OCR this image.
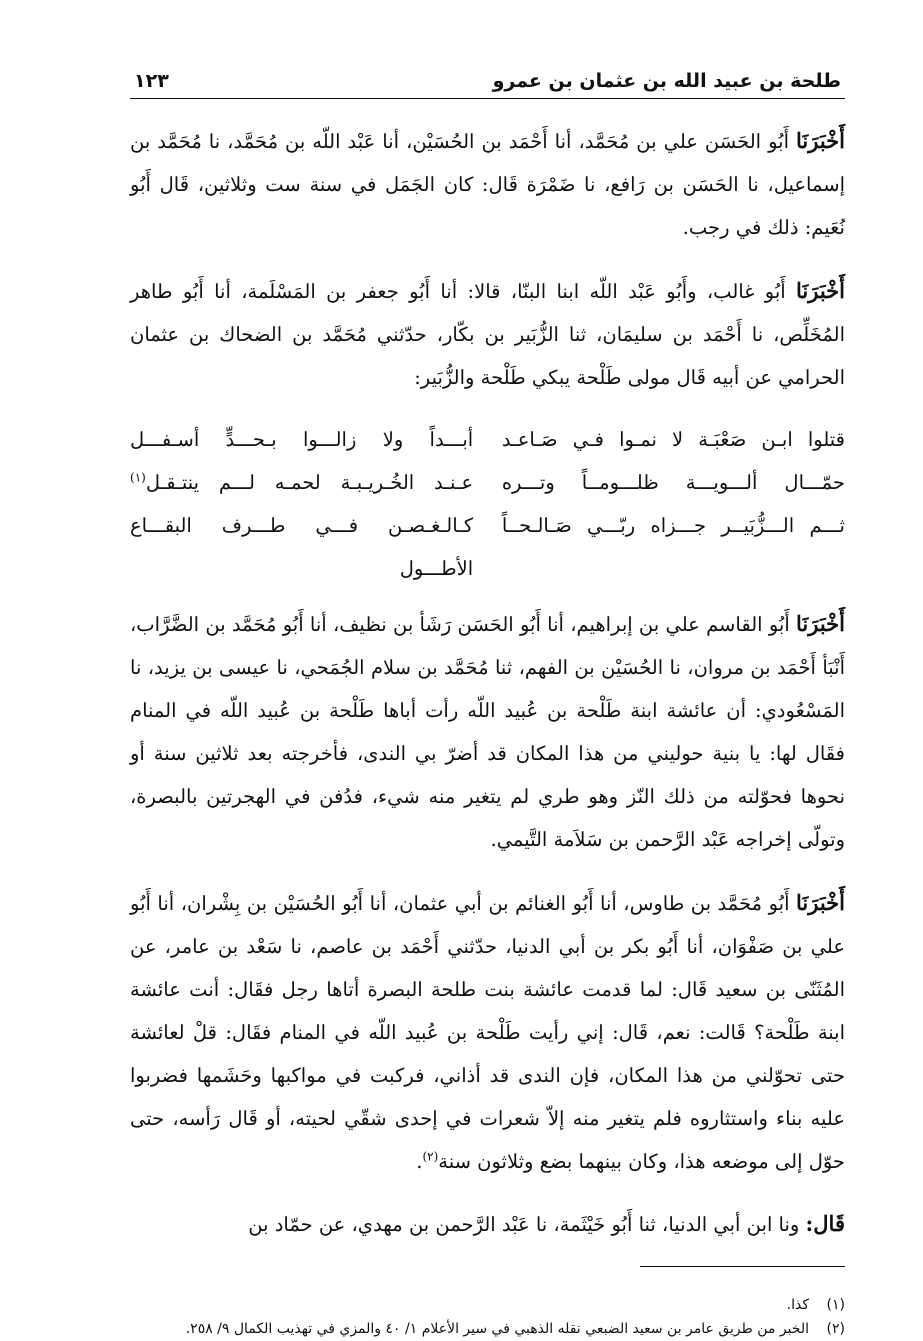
طلحة بن عبيد الله بن عثمان بن عمرو
١٢٣

أَخْبَرَنَا أَبُو الحَسَن علي بن مُحَمَّد، أنا أَحْمَد بن الحُسَيْن، أنا عَبْد اللّه بن مُحَمَّد، نا مُحَمَّد بن إسماعيل، نا الحَسَن بن رَافع، نا ضَمْرَة قَال: كان الجَمَل في سنة ست وثلاثين، قَال أَبُو نُعَيم: ذلك في رجب.

أَخْبَرَنَا أَبُو غالب، وأَبُو عَبْد اللّه ابنا البنّا، قالا: أنا أَبُو جعفر بن المَسْلَمة، أنا أَبُو طاهر المُخَلِّص، نا أَحْمَد بن سليمَان، ثنا الزُّبَير بن بكّار، حدّثني مُحَمَّد بن الضحاك بن عثمان الحرامي عن أبيه قَال مولى طَلْحة يبكي طَلْحة والزُّبَير:

قتلوا ابـن صَعْبَـة لا نمـوا فـي صَـاعـد
أبـــداً ولا زالـــوا بـحـــدٍّ أسـفـــل
حمّـــال ألـــويـــة ظلـــومــاً وتـــره
عـنـد الخُـريـبـة لحمـه لـــم ينتـقـل$^{(١)}$
ثـــم الـــزُّبَيــر جـــزاه ربّـــي صَـالـحــاً
كـالـغـصـن فـــي طـــرف البقـــاع الأطـــول

أَخْبَرَنَا أَبُو القاسم علي بن إبراهيم، أنا أَبُو الحَسَن رَشَأ بن نظيف، أنا أَبُو مُحَمَّد بن الضَّرَّاب، أَنْبَأ أَحْمَد بن مروان، نا الحُسَيْن بن الفهم، ثنا مُحَمَّد بن سلام الجُمَحي، نا عيسى بن يزيد، نا المَسْعُودي: أن عائشة ابنة طَلْحة بن عُبيد اللّه رأت أباها طَلْحة بن عُبيد اللّه في المنام فقَال لها: يا بنية حوليني من هذا المكان قد أضرّ بي الندى، فأخرجته بعد ثلاثين سنة أو نحوها فحوّلته من ذلك النّز وهو طري لم يتغير منه شيء، فدُفن في الهجرتين بالبصرة، وتولّى إخراجه عَبْد الرَّحمن بن سَلاَمة التَّيمي.

أَخْبَرَنَا أَبُو مُحَمَّد بن طاوس، أنا أَبُو الغنائم بن أبي عثمان، أنا أَبُو الحُسَيْن بن بِشْران، أنا أَبُو علي بن صَفْوَان، أنا أَبُو بكر بن أبي الدنيا، حدّثني أَحْمَد بن عاصم، نا سَعْد بن عامر، عن المُثَنّى بن سعيد قَال: لما قدمت عائشة بنت طلحة البصرة أتاها رجل فقَال: أنت عائشة ابنة طَلْحة؟ قَالت: نعم، قَال: إني رأيت طَلْحة بن عُبيد اللّه في المنام فقَال: قلْ لعائشة حتى تحوّلني من هذا المكان، فإن الندى قد أذاني، فركبت في مواكبها وحَشَمها فضربوا عليه بناء واستثاروه فلم يتغير منه إلاّ شعرات في إحدى شقّي لحيته، أو قَال رَأسه، حتى حوّل إلى موضعه هذا، وكان بينهما بضع وثلاثون سنة$^{(٢)}$.

قَال: ونا ابن أبي الدنيا، ثنا أَبُو خَيْثَمة، نا عَبْد الرَّحمن بن مهدي، عن حمّاد بن

(١)
كذا.
(٢)
الخبر من طريق عامر بن سعيد الضبعي نقله الذهبي في سير الأعلام ١/ ٤٠ والمزي في تهذيب الكمال ٩/ ٢٥٨.
